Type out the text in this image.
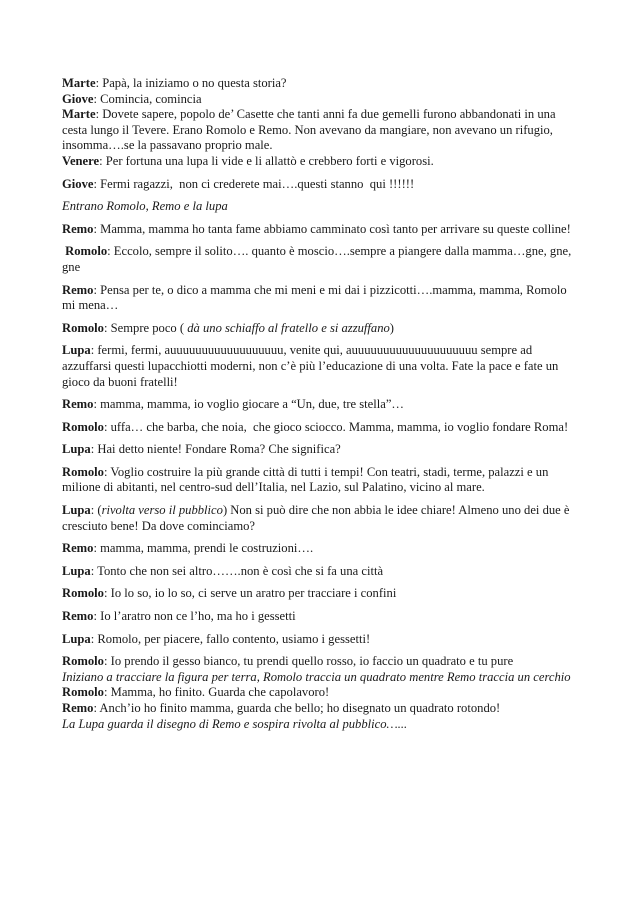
Marte: Papà, la iniziamo o no questa storia?

Giove: Comincia, comincia

Marte: Dovete sapere, popolo de’ Casette che tanti anni fa due gemelli furono abbandonati in una cesta lungo il Tevere. Erano Romolo e Remo. Non avevano da mangiare, non avevano un rifugio, insomma….se la passavano proprio male.

Venere: Per fortuna una lupa li vide e li allattò e crebbero forti e vigorosi.

Giove: Fermi ragazzi,  non ci crederete mai….questi stanno  qui !!!!!!

Entrano Romolo, Remo e la lupa

Remo: Mamma, mamma ho tanta fame abbiamo camminato così tanto per arrivare su queste colline!

Romolo: Eccolo, sempre il solito…. quanto è moscio….sempre a piangere dalla mamma…gne, gne, gne

Remo: Pensa per te, o dico a mamma che mi meni e mi dai i pizzicotti….mamma, mamma, Romolo mi mena…

Romolo: Sempre poco ( dà uno schiaffo al fratello e si azzuffano)

Lupa: fermi, fermi, auuuuuuuuuuuuuuuuuu, venite qui, auuuuuuuuuuuuuuuuuuuu sempre ad azzuffarsi questi lupacchiotti moderni, non c’è più l’educazione di una volta. Fate la pace e fate un gioco da buoni fratelli!

Remo: mamma, mamma, io voglio giocare a “Un, due, tre stella”…

Romolo: uffa… che barba, che noia,  che gioco sciocco. Mamma, mamma, io voglio fondare Roma!

Lupa: Hai detto niente! Fondare Roma? Che significa?

Romolo: Voglio costruire la più grande città di tutti i tempi! Con teatri, stadi, terme, palazzi e un milione di abitanti, nel centro-sud dell’Italia, nel Lazio, sul Palatino, vicino al mare.

Lupa: (rivolta verso il pubblico) Non si può dire che non abbia le idee chiare! Almeno uno dei due è cresciuto bene! Da dove cominciamo?

Remo: mamma, mamma, prendi le costruzioni….

Lupa: Tonto che non sei altro…….non è così che si fa una città

Romolo: Io lo so, io lo so, ci serve un aratro per tracciare i confini

Remo: Io l’aratro non ce l’ho, ma ho i gessetti

Lupa: Romolo, per piacere, fallo contento, usiamo i gessetti!

Romolo: Io prendo il gesso bianco, tu prendi quello rosso, io faccio un quadrato e tu pure

Iniziano a tracciare la figura per terra, Romolo traccia un quadrato mentre Remo traccia un cerchio

Romolo: Mamma, ho finito. Guarda che capolavoro!

Remo: Anch’io ho finito mamma, guarda che bello; ho disegnato un quadrato rotondo!

La Lupa guarda il disegno di Remo e sospira rivolta al pubblico…...
